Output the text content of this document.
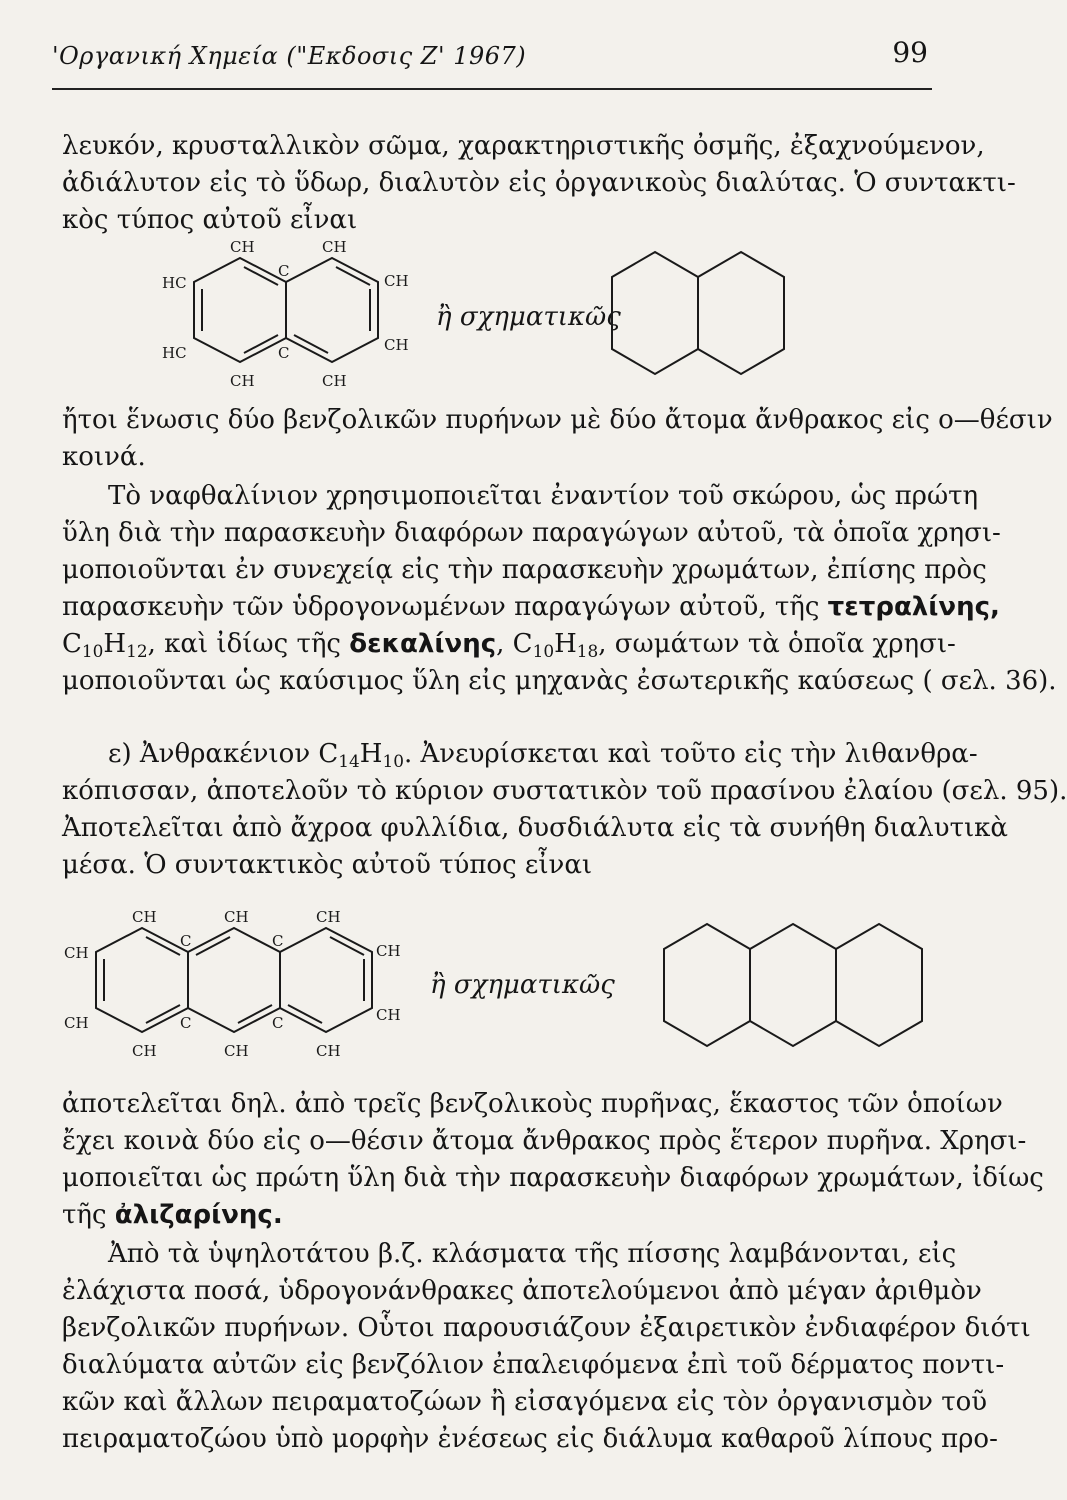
'Οργανική Χημεία ("Εκδοσις Ζ' 1967)	99

λευκόν, κρυσταλλικὸν σῶμα, χαρακτηριστικῆς ὀσμῆς, ἐξαχνούμενον,
ἀδιάλυτον εἰς τὸ ὕδωρ, διαλυτὸν εἰς ὀργανικοὺς διαλύτας. Ὁ συντακτι-
κὸς τύπος αὐτοῦ εἶναι

CH	CH
HC
C
CH
HC	C	CH
CH	CH
ἢ σχηματικῶς

ἤτοι ἕνωσις δύο βενζολικῶν πυρήνων μὲ δύο ἄτομα ἄνθρακος εἰς ο—θέσιν
κοινά.

Τὸ ναφθαλίνιον χρησιμοποιεῖται ἐναντίον τοῦ σκώρου, ὡς πρώτη
ὕλη διὰ τὴν παρασκευὴν διαφόρων παραγώγων αὐτοῦ, τὰ ὁποῖα χρησι-
μοποιοῦνται ἐν συνεχείᾳ εἰς τὴν παρασκευὴν χρωμάτων, ἐπίσης πρὸς
παρασκευὴν τῶν ὑδρογονωμένων παραγώγων αὐτοῦ, τῆς τετραλίνης,
$C_{10}H_{12}$, καὶ ἰδίως τῆς δεκαλίνης, $C_{10}H_{18}$, σωμάτων τὰ ὁποῖα χρησι-
μοποιοῦνται ὡς καύσιμος ὕλη εἰς μηχανὰς ἐσωτερικῆς καύσεως ( σελ. 36).

ε) Ἀνθρακένιον $C_{14}H_{10}$. Ἀνευρίσκεται καὶ τοῦτο εἰς τὴν λιθανθρα-
κόπισσαν, ἀποτελοῦν τὸ κύριον συστατικὸν τοῦ πρασίνου ἐλαίου (σελ. 95).
Ἀποτελεῖται ἀπὸ ἄχροα φυλλίδια, δυσδιάλυτα εἰς τὰ συνήθη διαλυτικὰ
μέσα. Ὁ συντακτικὸς αὐτοῦ τύπος εἶναι

CH	CH	CH
CH
C	C
CH
CH	CH
CH
C	C
CH	CH
ἢ σχηματικῶς

ἀποτελεῖται δηλ. ἀπὸ τρεῖς βενζολικοὺς πυρῆνας, ἕκαστος τῶν ὁποίων
ἔχει κοινὰ δύο εἰς ο—θέσιν ἄτομα ἄνθρακος πρὸς ἕτερον πυρῆνα. Χρησι-
μοποιεῖται ὡς πρώτη ὕλη διὰ τὴν παρασκευὴν διαφόρων χρωμάτων, ἰδίως
τῆς ἀλιζαρίνης.

Ἀπὸ τὰ ὑψηλοτάτου β.ζ. κλάσματα τῆς πίσσης λαμβάνονται, εἰς
ἐλάχιστα ποσά, ὑδρογονάνθρακες ἀποτελούμενοι ἀπὸ μέγαν ἀριθμὸν
βενζολικῶν πυρήνων. Οὗτοι παρουσιάζουν ἐξαιρετικὸν ἐνδιαφέρον διότι
διαλύματα αὐτῶν εἰς βενζόλιον ἐπαλειφόμενα ἐπὶ τοῦ δέρματος ποντι-
κῶν καὶ ἄλλων πειραματοζώων ἢ εἰσαγόμενα εἰς τὸν ὀργανισμὸν τοῦ
πειραματοζώου ὑπὸ μορφὴν ἐνέσεως εἰς διάλυμα καθαροῦ λίπους προ-
